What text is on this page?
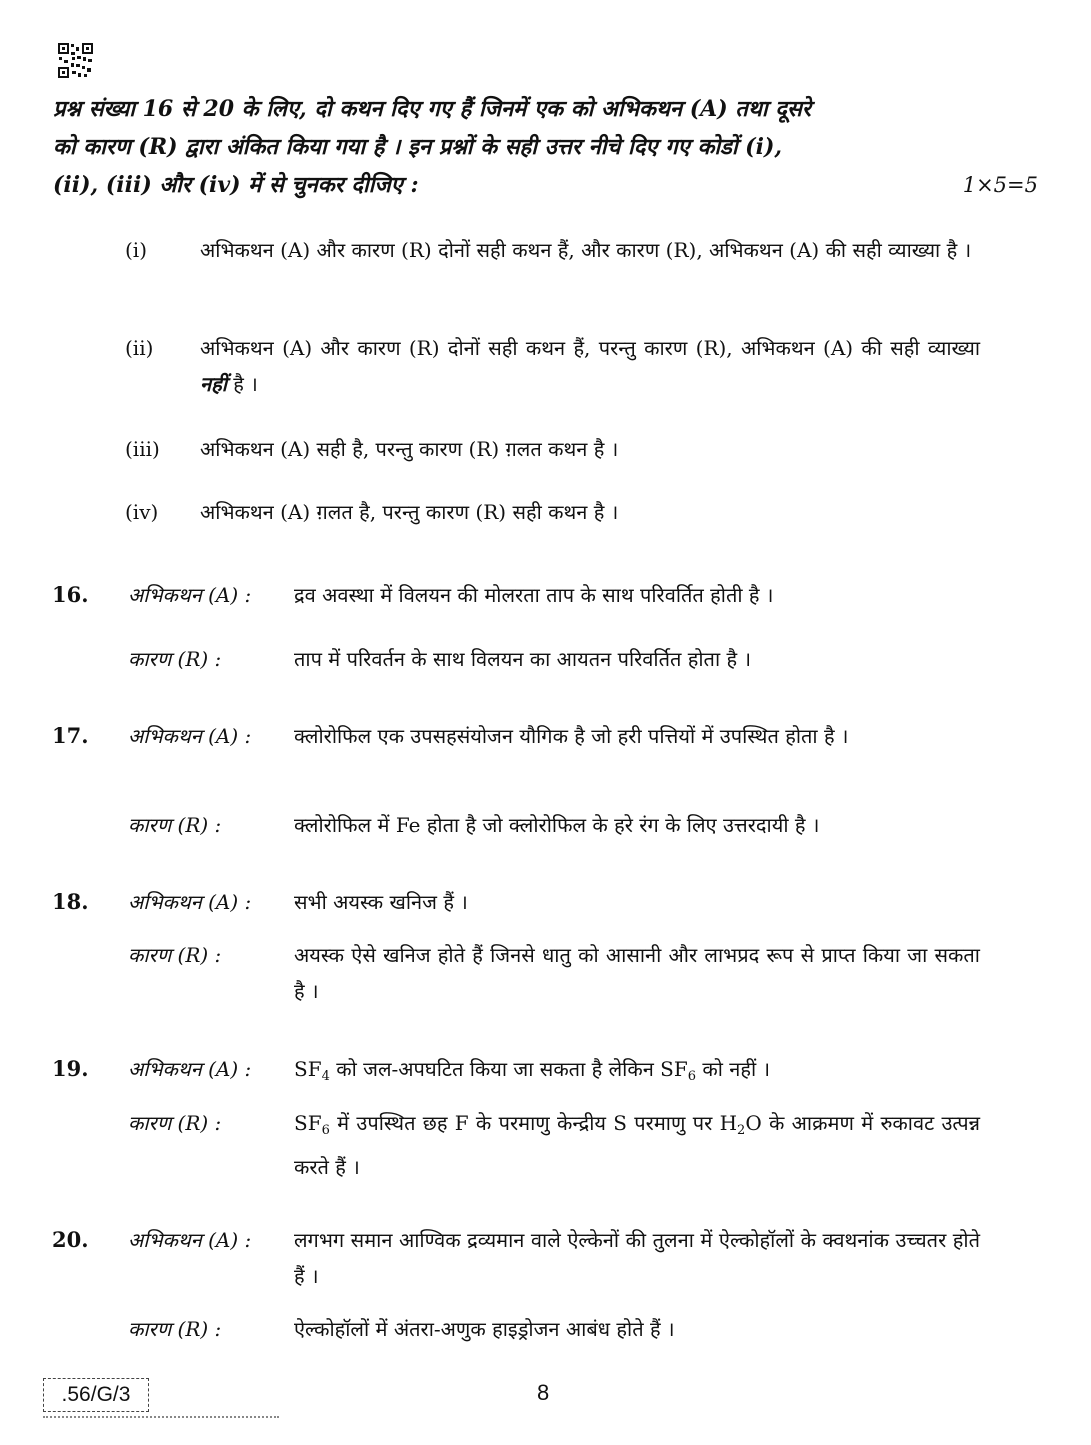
प्रश्न संख्या 16 से 20 के लिए, दो कथन दिए गए हैं जिनमें एक को अभिकथन (A) तथा दूसरे
को कारण (R) द्वारा अंकित किया गया है । इन प्रश्नों के सही उत्तर नीचे दिए गए कोडों (i),
(ii), (iii) और (iv) में से चुनकर दीजिए :	1×5=5
(i)	अभिकथन (A) और कारण (R) दोनों सही कथन हैं, और कारण (R), अभिकथन (A) की सही व्याख्या है ।
(ii) अभिकथन (A) और कारण (R) दोनों सही कथन हैं, परन्तु कारण (R), अभिकथन (A) की सही व्याख्या नहीं है ।
(iii) अभिकथन (A) सही है, परन्तु कारण (R) ग़लत कथन है ।
(iv) अभिकथन (A) ग़लत है, परन्तु कारण (R) सही कथन है ।
16. अभिकथन (A) : द्रव अवस्था में विलयन की मोलरता ताप के साथ परिवर्तित होती है ।
कारण (R) :	ताप में परिवर्तन के साथ विलयन का आयतन परिवर्तित होता है ।
17. अभिकथन (A) : क्लोरोफिल एक उपसहसंयोजन यौगिक है जो हरी पत्तियों में उपस्थित होता है ।
कारण (R) :	क्लोरोफिल में Fe होता है जो क्लोरोफिल के हरे रंग के लिए उत्तरदायी है ।
18. अभिकथन (A) : सभी अयस्क खनिज हैं ।
कारण (R) :	अयस्क ऐसे खनिज होते हैं जिनसे धातु को आसानी और लाभप्रद रूप से प्राप्त किया जा सकता है ।
19. अभिकथन (A) : $SF_4$ को जल-अपघटित किया जा सकता है लेकिन $SF_6$ को नहीं ।
कारण (R) :	$SF_6$ में उपस्थित छह F के परमाणु केन्द्रीय S परमाणु पर $H_2O$ के आक्रमण में रुकावट उत्पन्न करते हैं ।
20. अभिकथन (A) : लगभग समान आण्विक द्रव्यमान वाले ऐल्केनों की तुलना में ऐल्कोहॉलों के क्वथनांक उच्चतर होते हैं ।
कारण (R) :	ऐल्कोहॉलों में अंतरा-अणुक हाइड्रोजन आबंध होते हैं ।
.56/G/3	8
